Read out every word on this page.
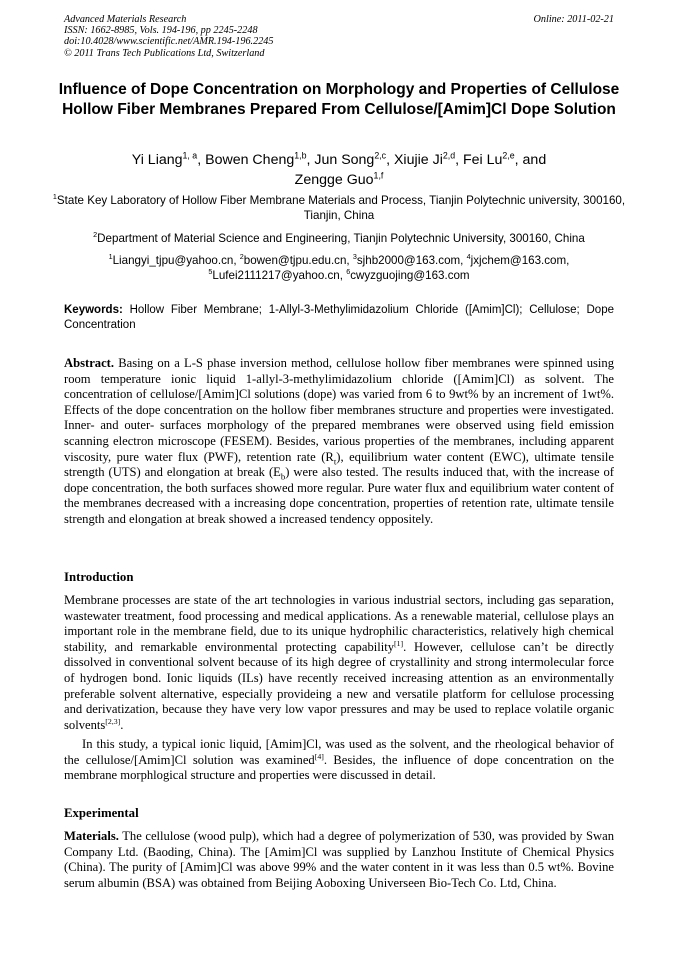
Advanced Materials Research
ISSN: 1662-8985, Vols. 194-196, pp 2245-2248
doi:10.4028/www.scientific.net/AMR.194-196.2245
© 2011 Trans Tech Publications Ltd, Switzerland
Online: 2011-02-21
Influence of Dope Concentration on Morphology and Properties of Cellulose Hollow Fiber Membranes Prepared From Cellulose/[Amim]Cl Dope Solution
Yi Liang$^{1, a}$, Bowen Cheng$^{1,b}$, Jun Song$^{2,c}$, Xiujie Ji$^{2,d}$, Fei Lu$^{2,e}$, and
Zengge Guo$^{1,f}$
$^1$State Key Laboratory of Hollow Fiber Membrane Materials and Process, Tianjin Polytechnic university, 300160, Tianjin, China
$^2$Department of Material Science and Engineering, Tianjin Polytechnic University, 300160, China
$^1$Liangyi_tjpu@yahoo.cn, $^2$bowen@tjpu.edu.cn, $^3$sjhb2000@163.com, $^4$jxjchem@163.com,
$^5$Lufei2111217@yahoo.cn, $^6$cwyzguojing@163.com
Keywords: Hollow Fiber Membrane; 1-Allyl-3-Methylimidazolium Chloride ([Amim]Cl); Cellulose; Dope Concentration
Abstract. Basing on a L-S phase inversion method, cellulose hollow fiber membranes were spinned using room temperature ionic liquid 1-allyl-3-methylimidazolium chloride ([Amim]Cl) as solvent. The concentration of cellulose/[Amim]Cl solutions (dope) was varied from 6 to 9wt% by an increment of 1wt%. Effects of the dope concentration on the hollow fiber membranes structure and properties were investigated. Inner- and outer- surfaces morphology of the prepared membranes were observed using field emission scanning electron microscope (FESEM). Besides, various properties of the membranes, including apparent viscosity, pure water flux (PWF), retention rate $(R_t)$, equilibrium water content (EWC), ultimate tensile strength (UTS) and elongation at break $(E_b)$ were also tested. The results induced that, with the increase of dope concentration, the both surfaces showed more regular. Pure water flux and equilibrium water content of the membranes decreased with a increasing dope concentration, properties of retention rate, ultimate tensile strength and elongation at break showed a increased tendency oppositely.
Introduction
Membrane processes are state of the art technologies in various industrial sectors, including gas separation, wastewater treatment, food processing and medical applications. As a renewable material, cellulose plays an important role in the membrane field, due to its unique hydrophilic characteristics, relatively high chemical stability, and remarkable environmental protecting capability[1]. However, cellulose can’t be directly dissolved in conventional solvent because of its high degree of crystallinity and strong intermolecular force of hydrogen bond. Ionic liquids (ILs) have recently received increasing attention as an environmentally preferable solvent alternative, especially provideing a new and versatile platform for cellulose processing and derivatization, because they have very low vapor pressures and may be used to replace volatile organic solvents[2,3].
In this study, a typical ionic liquid, [Amim]Cl, was used as the solvent, and the rheological behavior of the cellulose/[Amim]Cl solution was examined[4]. Besides, the influence of dope concentration on the membrane morphlogical structure and properties were discussed in detail.
Experimental
Materials. The cellulose (wood pulp), which had a degree of polymerization of 530, was provided by Swan Company Ltd. (Baoding, China). The [Amim]Cl was supplied by Lanzhou Institute of Chemical Physics (China). The purity of [Amim]Cl was above 99% and the water content in it was less than 0.5 wt%. Bovine serum albumin (BSA) was obtained from Beijing Aoboxing Universeen Bio-Tech Co. Ltd, China.
